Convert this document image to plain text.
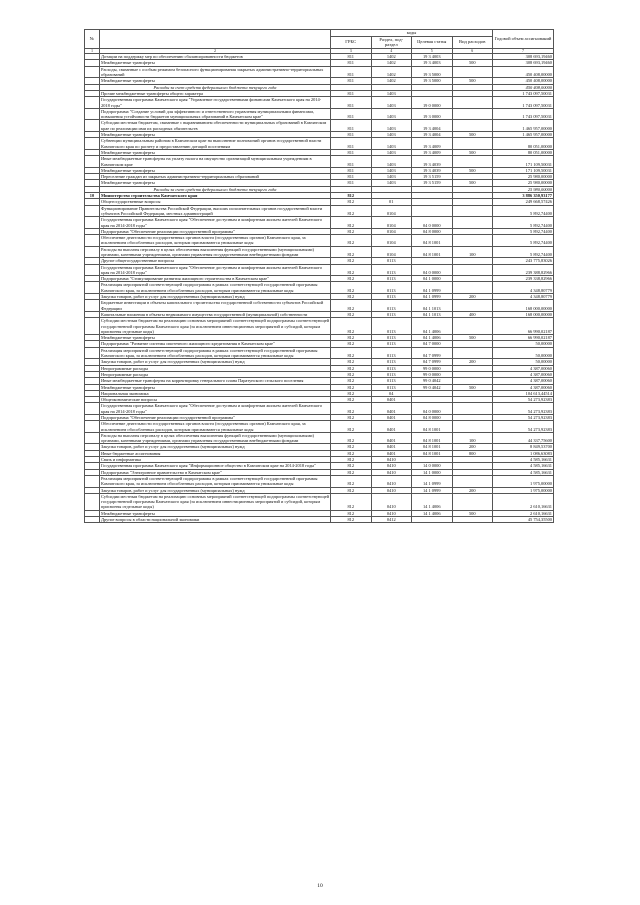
№		коды				Годовой объем ассигнований
		ГРБС	Раздел, под- раздел	Целевая статья	Вид расходов	
1	2	3	4	5	6	7
	Дотации на поддержку мер по обеспечению сбалансированности бюджетов	811	1402	19 3 4003		308 693,19460
	Межбюджетные трансферты	811	1402	19 3 4003	500	308 693,19460
	Расходы, связанные с особым режимом безопасного функционирования закрытых административно-территориальных образований	811	1402	19 3 5000		450 408,00000
	Межбюджетные трансферты	811	1402	19 3 5000	500	450 408,00000
	Расходы за счет средств федерального бюджета текущего года					450 408,00000
	Прочие межбюджетные трансферты общего характера	811	1403			1 743 097,50031
	Государственная программа Камчатского края "Управление государственными финансами Камчатского края на 2014-2018 годы"	811	1403	19 0 0000		1 743 097,50031
	Подпрограмма "Создание условий для эффективного и ответственного управления муниципальными финансами, повышения устойчивости бюджетов муниципальных образований в Камчатском крае"	811	1403	19 3 0000		1 743 097,50031
	Субсидии местным бюджетам, связанные с выравниванием обеспеченности муниципальных образований в Камчатском крае по реализации ими их расходных обязательств	811	1403	19 3 4004		1 465 957,00000
	Межбюджетные трансферты	811	1403	19 3 4004	500	1 465 957,00000
	Субвенции муниципальным районам в Камчатском крае на выполнение полномочий органов государственной власти Камчатского края по расчету и предоставлению дотаций поселениям	811	1403	19 3 4009		80 051,00000
	Межбюджетные трансферты	811	1403	19 3 4009	500	80 051,00000
	Иные межбюджетные трансферты на уплату налога на имущество организаций муниципальным учреждениям в Камчатском крае	811	1403	19 3 4039		171 109,50031
	Межбюджетные трансферты	811	1403	19 3 4039	500	171 109,50031
	Переселение граждан из закрытых административно-территориальных образований	811	1403	19 3 5159		25 980,00000
	Межбюджетные трансферты	811	1403	19 3 5159	500	25 980,00000
	Расходы за счет средств федерального бюджета текущего года					25 980,00000
10	Министерство строительства Камчатского края	812				3 886 350,93177
	Общегосударственные вопросы	812	01			249 668,57426
	Функционирование Правительства Российской Федерации, высших исполнительных органов государственной власти субъектов Российской Федерации, местных администраций	812	0104			5 892,74400
	Государственная программа Камчатского края "Обеспечение доступным и комфортным жильем жителей Камчатского края на 2014-2018 годы"	812	0104	04 0 0000		5 892,74400
	Подпрограмма "Обеспечение реализации государственной программы"	812	0104	04 8 0000		5 892,74400
	Обеспечение деятельности государственных органов власти (государственных органов) Камчатского края, за исключением обособленных расходов, которым присваиваются уникальные коды	812	0104	04 8 1001		5 892,74400
	Расходы на выплаты персоналу в целях обеспечения выполнения функций государственными (муниципальными) органами, казенными учреждениями, органами управления государственными внебюджетными фондами	812	0104	04 8 1001	100	5 892,74400
	Другие общегосударственные вопросы	812	0113			243 775,83026
	Государственная программа Камчатского края "Обеспечение доступным и комфортным жильем жителей Камчатского края на 2014-2018 годы"	812	0113	04 0 0000		239 388,82966
	Подпрограмма "Стимулирование развития жилищного строительства в Камчатском крае"	812	0113	04 1 0000		239 338,82966
	Реализация мероприятий соответствующей подпрограммы в рамках соответствующей государственной программы Камчатского края, за исключением обособленных расходов, которым присваиваются уникальные коды	812	0113	04 1 0999		4 348,80779
	Закупка товаров, работ и услуг для государственных (муниципальных) нужд	812	0113	04 1 0999	200	4 348,80779
	Бюджетные инвестиции в объекты капитального строительства государственной собственности субъектов Российской Федерации	812	0113	04 1 1013		168 000,00000
	Капитальные вложения в объекты недвижимого имущества государственной (муниципальной) собственности	812	0113	04 1 1013	400	168 000,00000
	Субсидии местным бюджетам на реализацию основных мероприятий соответствующей подпрограммы соответствующей государственной программы Камчатского края (за исключением инвестиционных мероприятий и субсидий, которым присвоены отдельные коды)	812	0113	04 1 4006		66 990,02187
	Межбюджетные трансферты	812	0113	04 1 4006	500	66 990,02187
	Подпрограмма "Развитие системы ипотечного жилищного кредитования в Камчатском крае"	812	0113	04 7 0000		50,00000
	Реализация мероприятий соответствующей подпрограммы в рамках соответствующей государственной программы Камчатского края, за исключением обособленных расходов, которым присваиваются уникальные коды	812	0113	04 7 0999		50,00000
	Закупка товаров, работ и услуг для государственных (муниципальных) нужд	812	0113	04 7 0999	200	50,00000
	Непрограммные расходы	812	0113	99 0 0000		4 387,00060
	Непрограммные расходы	812	0113	99 0 0000		4 387,00060
	Иные межбюджетные трансферты на корректировку генерального плана Паратунского сельского поселения	812	0113	99 0 4042		4 387,00060
	Межбюджетные трансферты	812	0113	99 0 4042	500	4 387,00060
	Национальная экономика	812	04			104 613,44514
	Общеэкономические вопросы	812	0401			54 273,92383
	Государственная программа Камчатского края "Обеспечение доступным и комфортным жильем жителей Камчатского края на 2014-2018 годы"	812	0401	04 0 0000		54 273,92383
	Подпрограмма "Обеспечение реализации государственной программы"	812	0401	04 8 0000		54 273,92383
	Обеспечение деятельности государственных органов власти (государственных органов) Камчатского края, за исключением обособленных расходов, которым присваиваются уникальные коды	812	0401	04 8 1001		54 273,92383
	Расходы на выплаты персоналу в целях обеспечения выполнения функций государственными (муниципальными) органами, казенными учреждениями, органами управления государственными внебюджетными фондами	812	0401	04 8 1001	100	44 337,75600
	Закупка товаров, работ и услуг для государственных (муниципальных) нужд	812	0401	04 8 1001	200	8 849,53700
	Иные бюджетные ассигнования	812	0401	04 8 1001	800	1 086,63083
	Связь и информатика	812	0410			4 585,16631
	Государственная программа Камчатского края "Информационное общество в Камчатском крае на 2014-2018 годы"	812	0410	14 0 0000		4 585,16631
	Подпрограмма "Электронное правительство в Камчатском крае"	812	0410	14 1 0000		4 585,16631
	Реализация мероприятий соответствующей подпрограммы в рамках соответствующей государственной программы Камчатского края, за исключением обособленных расходов, которым присваиваются уникальные коды	812	0410	14 1 0999		1 975,00000
	Закупка товаров, работ и услуг для государственных (муниципальных) нужд	812	0410	14 1 0999	200	1 975,00000
	Субсидии местным бюджетам на реализацию основных мероприятий соответствующей подпрограммы соответствующей государственной программы Камчатского края (за исключением инвестиционных мероприятий и субсидий, которым присвоены отдельные коды)	812	0410	14 1 4006		2 610,16631
	Межбюджетные трансферты	812	0410	14 1 4006	500	2 610,16631
	Другие вопросы в области национальной экономики	812	0412			45 754,35500
10
